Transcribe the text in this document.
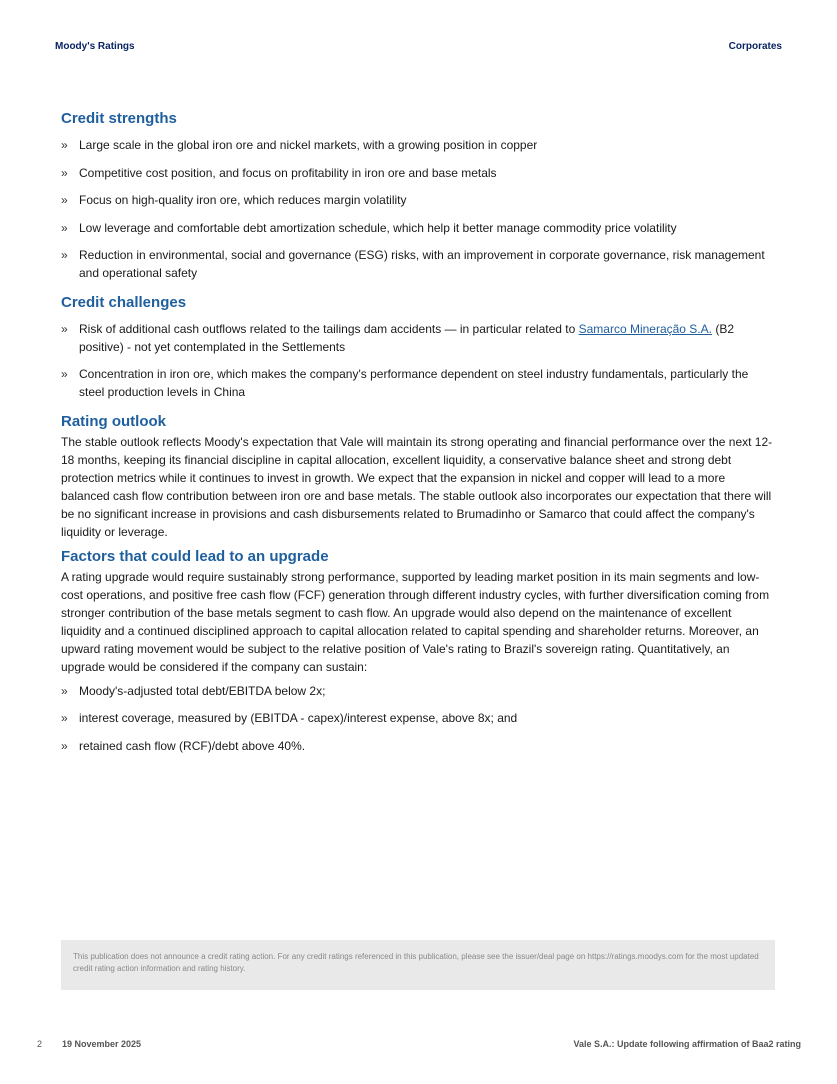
Moody's Ratings	Corporates
Credit strengths
» Large scale in the global iron ore and nickel markets, with a growing position in copper
» Competitive cost position, and focus on profitability in iron ore and base metals
» Focus on high-quality iron ore, which reduces margin volatility
» Low leverage and comfortable debt amortization schedule, which help it better manage commodity price volatility
» Reduction in environmental, social and governance (ESG) risks, with an improvement in corporate governance, risk management and operational safety
Credit challenges
» Risk of additional cash outflows related to the tailings dam accidents — in particular related to Samarco Mineração S.A. (B2 positive) - not yet contemplated in the Settlements
» Concentration in iron ore, which makes the company's performance dependent on steel industry fundamentals, particularly the steel production levels in China
Rating outlook

The stable outlook reflects Moody's expectation that Vale will maintain its strong operating and financial performance over the next 12-18 months, keeping its financial discipline in capital allocation, excellent liquidity, a conservative balance sheet and strong debt protection metrics while it continues to invest in growth. We expect that the expansion in nickel and copper will lead to a more balanced cash flow contribution between iron ore and base metals. The stable outlook also incorporates our expectation that there will be no significant increase in provisions and cash disbursements related to Brumadinho or Samarco that could affect the company's liquidity or leverage.

Factors that could lead to an upgrade

A rating upgrade would require sustainably strong performance, supported by leading market position in its main segments and low-cost operations, and positive free cash flow (FCF) generation through different industry cycles, with further diversification coming from stronger contribution of the base metals segment to cash flow. An upgrade would also depend on the maintenance of excellent liquidity and a continued disciplined approach to capital allocation related to capital spending and shareholder returns. Moreover, an upward rating movement would be subject to the relative position of Vale's rating to Brazil's sovereign rating. Quantitatively, an upgrade would be considered if the company can sustain:

» Moody's-adjusted total debt/EBITDA below 2x;
» interest coverage, measured by (EBITDA - capex)/interest expense, above 8x; and
» retained cash flow (RCF)/debt above 40%.
This publication does not announce a credit rating action. For any credit ratings referenced in this publication, please see the issuer/deal page on https://ratings.moodys.com for the most updated credit rating action information and rating history.
2 19 November 2025	Vale S.A.: Update following affirmation of Baa2 rating
